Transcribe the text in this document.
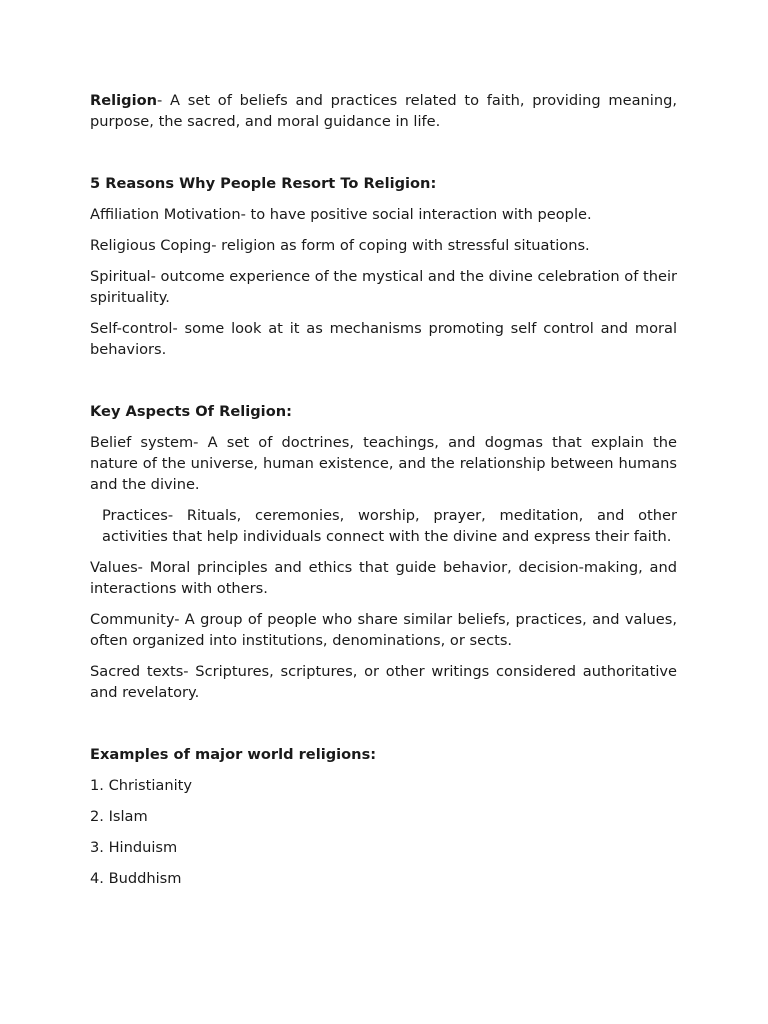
Religion- A set of beliefs and practices related to faith, providing meaning, purpose, the sacred, and moral guidance in life.

5 Reasons Why People Resort To Religion:

Affiliation Motivation- to have positive social interaction with people.

Religious Coping- religion as form of coping with stressful situations.

Spiritual- outcome experience of the mystical and the divine celebration of their spirituality.

Self-control- some look at it as mechanisms promoting self control and moral behaviors.

Key Aspects Of Religion:

Belief system- A set of doctrines, teachings, and dogmas that explain the nature of the universe, human existence, and the relationship between humans and the divine.

Practices- Rituals, ceremonies, worship, prayer, meditation, and other activities that help individuals connect with the divine and express their faith.

Values- Moral principles and ethics that guide behavior, decision-making, and interactions with others.

Community- A group of people who share similar beliefs, practices, and values, often organized into institutions, denominations, or sects.

Sacred texts- Scriptures, scriptures, or other writings considered authoritative and revelatory.

Examples of major world religions:

1. Christianity

2. Islam

3. Hinduism

4. Buddhism
